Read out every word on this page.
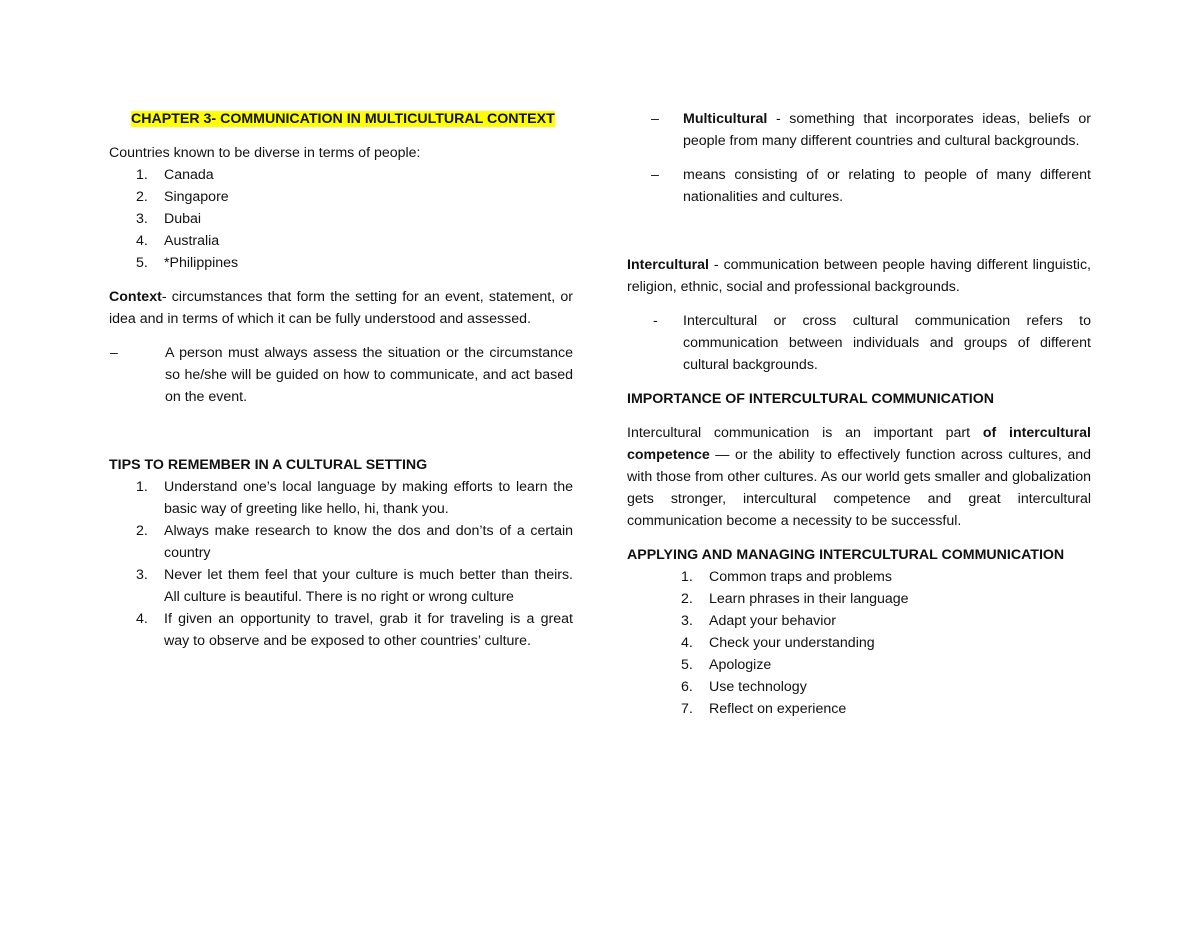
CHAPTER 3- COMMUNICATION IN MULTICULTURAL CONTEXT

Countries known to be diverse in terms of people:

1.	Canada
2.	Singapore
3.	Dubai
4.	Australia
5.	*Philippines

Context- circumstances that form the setting for an event, statement, or idea and in terms of which it can be fully understood and assessed.

–	A person must always assess the situation or the circumstance so he/she will be guided on how to communicate, and act based on the event.

TIPS TO REMEMBER IN A CULTURAL SETTING

1.	Understand one’s local language by making efforts to learn the basic way of greeting like hello, hi, thank you.
2.	Always make research to know the dos and don’ts of a certain country
3.	Never let them feel that your culture is much better than theirs. All culture is beautiful. There is no right or wrong culture
4.	If given an opportunity to travel, grab it for traveling is a great way to observe and be exposed to other countries’ culture.
–	Multicultural - something that incorporates ideas, beliefs or people from many different countries and cultural backgrounds.
–	means consisting of or relating to people of many different nationalities and cultures.

Intercultural - communication between people having different linguistic, religion, ethnic, social and professional backgrounds.

-	Intercultural or cross cultural communication refers to communication between individuals and groups of different cultural backgrounds.

IMPORTANCE OF INTERCULTURAL COMMUNICATION

Intercultural communication is an important part of intercultural competence — or the ability to effectively function across cultures, and with those from other cultures. As our world gets smaller and globalization gets stronger, intercultural competence and great intercultural communication become a necessity to be successful.

APPLYING AND MANAGING INTERCULTURAL COMMUNICATION

1.	Common traps and problems
2.	Learn phrases in their language
3.	Adapt your behavior
4.	Check your understanding
5.	Apologize
6.	Use technology
7.	Reflect on experience
